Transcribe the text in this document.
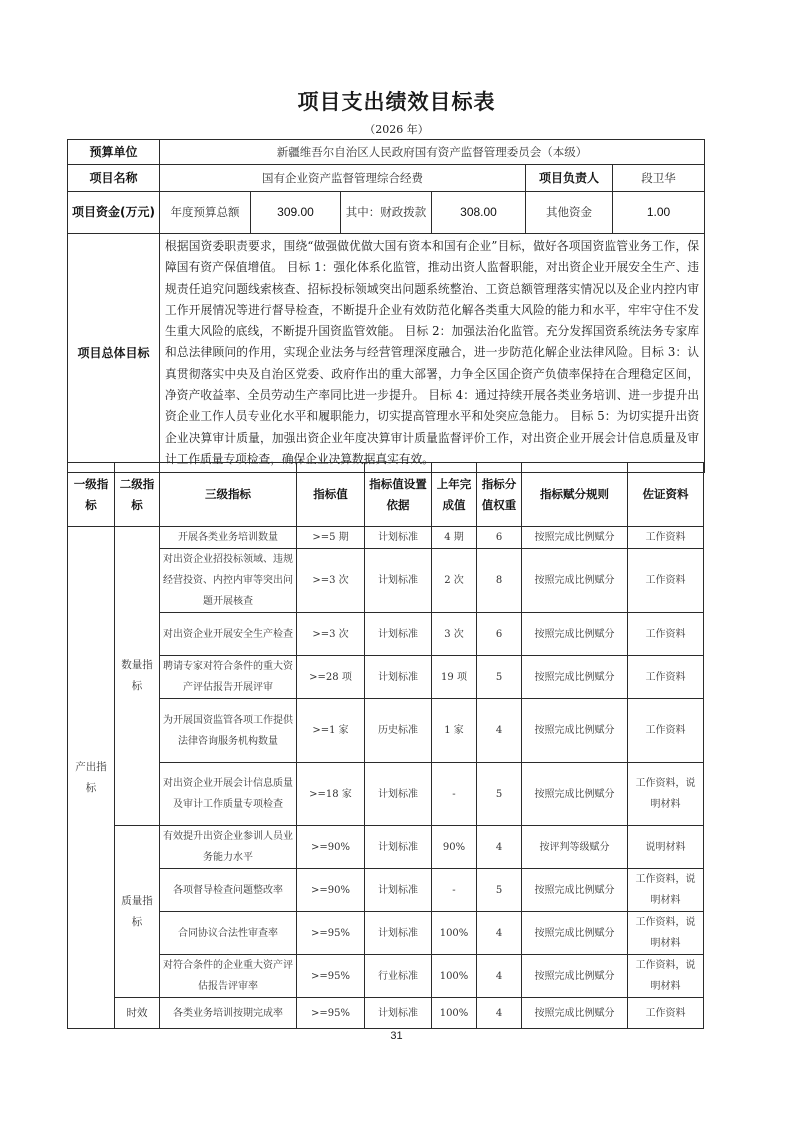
项目支出绩效目标表
（2026 年）
预算单位	新疆维吾尔自治区人民政府国有资产监督管理委员会（本级）					
项目名称	国有企业资产监督管理综合经费				项目负责人	段卫华
项目资金(万元)	年度预算总额	309.00	其中：财政拨款	308.00	其他资金	1.00
项目总体目标	根据国资委职责要求，围绕“做强做优做大国有资本和国有企业”目标，做好各项国资监管业务工作，保障国有资产保值增值。 目标 1：强化体系化监管，推动出资人监督职能，对出资企业开展安全生产、违规责任追究问题线索核查、招标投标领域突出问题系统整治、工资总额管理落实情况以及企业内控内审工作开展情况等进行督导检查，不断提升企业有效防范化解各类重大风险的能力和水平，牢牢守住不发生重大风险的底线，不断提升国资监管效能。 目标 2：加强法治化监管。充分发挥国资系统法务专家库和总法律顾问的作用，实现企业法务与经营管理深度融合，进一步防范化解企业法律风险。目标 3：认真贯彻落实中央及自治区党委、政府作出的重大部署，力争全区国企资产负债率保持在合理稳定区间，净资产收益率、全员劳动生产率同比进一步提升。 目标 4：通过持续开展各类业务培训、进一步提升出资企业工作人员专业化水平和履职能力，切实提高管理水平和处突应急能力。 目标 5：为切实提升出资企业决算审计质量，加强出资企业年度决算审计质量监督评价工作，对出资企业开展会计信息质量及审计工作质量专项检查，确保企业决算数据真实有效。					
一级指标	二级指标	三级指标	指标值	指标值设置依据	上年完成值	指标分值权重	指标赋分规则	佐证资料
产出指标	数量指标	开展各类业务培训数量	>=5 期	计划标准	4 期	6	按照完成比例赋分	工作资料
		对出资企业招投标领域、违规经营投资、内控内审等突出问题开展核查	>=3 次	计划标准	2 次	8	按照完成比例赋分	工作资料
		对出资企业开展安全生产检查	>=3 次	计划标准	3 次	6	按照完成比例赋分	工作资料
		聘请专家对符合条件的重大资产评估报告开展评审	>=28 项	计划标准	19 项	5	按照完成比例赋分	工作资料
		为开展国资监管各项工作提供法律咨询服务机构数量	>=1 家	历史标准	1 家	4	按照完成比例赋分	工作资料
		对出资企业开展会计信息质量及审计工作质量专项检查	>=18 家	计划标准	-	5	按照完成比例赋分	工作资料，说明材料
	质量指标	有效提升出资企业参训人员业务能力水平	>=90%	计划标准	90%	4	按评判等级赋分	说明材料
		各项督导检查问题整改率	>=90%	计划标准	-	5	按照完成比例赋分	工作资料，说明材料
		合同协议合法性审查率	>=95%	计划标准	100%	4	按照完成比例赋分	工作资料，说明材料
		对符合条件的企业重大资产评估报告评审率	>=95%	行业标准	100%	4	按照完成比例赋分	工作资料，说明材料
	时效	各类业务培训按期完成率	>=95%	计划标准	100%	4	按照完成比例赋分	工作资料
31
